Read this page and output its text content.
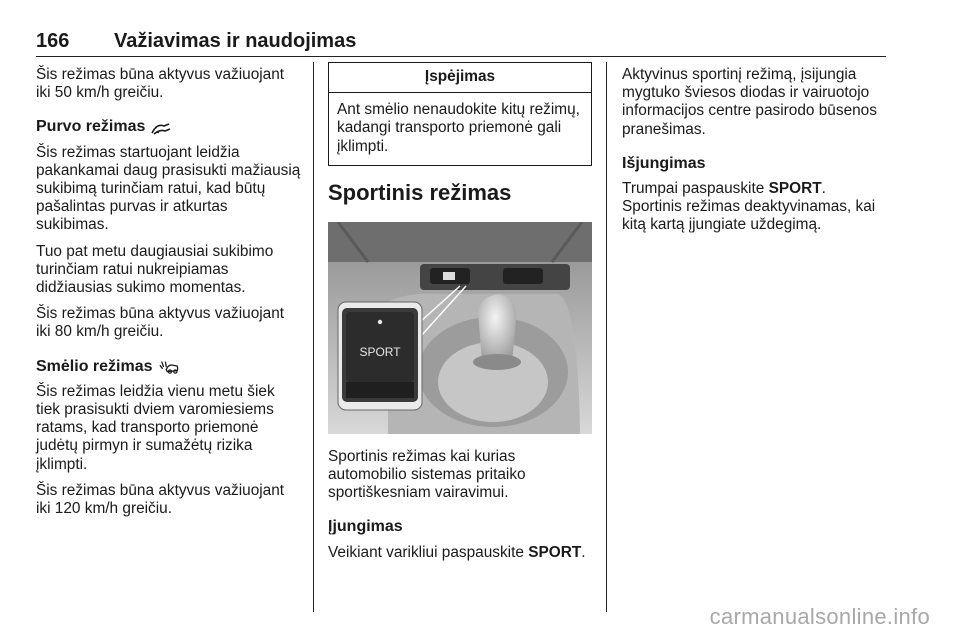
166 Važiavimas ir naudojimas

Šis režimas būna aktyvus važiuojant iki 50 km/h greičiu.

Purvo režimas

Šis režimas startuojant leidžia pakankamai daug prasisukti mažiausią sukibimą turinčiam ratui, kad būtų pašalintas purvas ir atkurtas sukibimas.

Tuo pat metu daugiausiai sukibimo turinčiam ratui nukreipiamas didžiausias sukimo momentas.

Šis režimas būna aktyvus važiuojant iki 80 km/h greičiu.

Smėlio režimas

Šis režimas leidžia vienu metu šiek tiek prasisukti dviem varomiesiems ratams, kad transporto priemonė judėtų pirmyn ir sumažėtų rizika įklimpti.

Šis režimas būna aktyvus važiuojant iki 120 km/h greičiu.

Įspėjimas
Ant smėlio nenaudokite kitų režimų, kadangi transporto priemonė gali įklimpti.
Sportinis režimas
SPORT

Sportinis režimas kai kurias automobilio sistemas pritaiko sportiškesniam vairavimui.

Įjungimas

Veikiant varikliui paspauskite SPORT.

Aktyvinus sportinį režimą, įsijungia mygtuko šviesos diodas ir vairuotojo informacijos centre pasirodo būsenos pranešimas.

Išjungimas

Trumpai paspauskite SPORT.

Sportinis režimas deaktyvinamas, kai kitą kartą įjungiate uždegimą.

carmanualsonline.info
